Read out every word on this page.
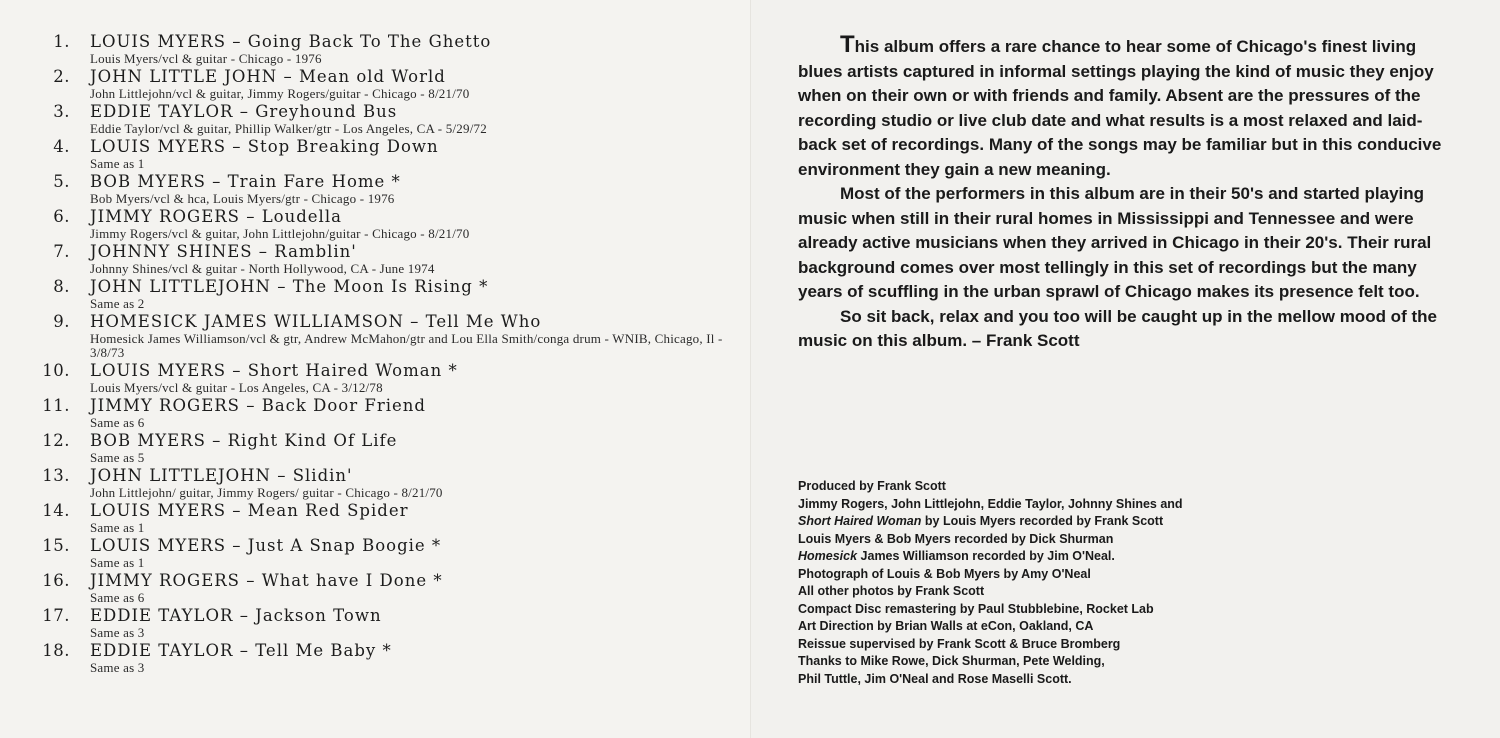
1. LOUIS MYERS – Going Back To The Ghetto
Louis Myers/vcl & guitar - Chicago - 1976
2. JOHN LITTLE JOHN – Mean old World
John Littlejohn/vcl & guitar, Jimmy Rogers/guitar - Chicago - 8/21/70
3. EDDIE TAYLOR – Greyhound Bus
Eddie Taylor/vcl & guitar, Phillip Walker/gtr - Los Angeles, CA - 5/29/72
4. LOUIS MYERS – Stop Breaking Down
Same as 1
5. BOB MYERS – Train Fare Home *
Bob Myers/vcl & hca, Louis Myers/gtr - Chicago - 1976
6. JIMMY ROGERS – Loudella
Jimmy Rogers/vcl & guitar, John Littlejohn/guitar - Chicago - 8/21/70
7. JOHNNY SHINES – Ramblin'
Johnny Shines/vcl & guitar - North Hollywood, CA - June 1974
8. JOHN LITTLEJOHN – The Moon Is Rising *
Same as 2
9. HOMESICK JAMES WILLIAMSON – Tell Me Who
Homesick James Williamson/vcl & gtr, Andrew McMahon/gtr and Lou Ella Smith/conga drum - WNIB, Chicago, Il - 3/8/73
10. LOUIS MYERS – Short Haired Woman *
Louis Myers/vcl & guitar - Los Angeles, CA - 3/12/78
11. JIMMY ROGERS – Back Door Friend
Same as 6
12. BOB MYERS – Right Kind Of Life
Same as 5
13. JOHN LITTLEJOHN – Slidin'
John Littlejohn/ guitar, Jimmy Rogers/ guitar - Chicago - 8/21/70
14. LOUIS MYERS – Mean Red Spider
Same as 1
15. LOUIS MYERS – Just A Snap Boogie *
Same as 1
16. JIMMY ROGERS – What have I Done *
Same as 6
17. EDDIE TAYLOR – Jackson Town
Same as 3
18. EDDIE TAYLOR – Tell Me Baby *
Same as 3

This album offers a rare chance to hear some of Chicago's finest living blues artists captured in informal settings playing the kind of music they enjoy when on their own or with friends and family. Absent are the pressures of the recording studio or live club date and what results is a most relaxed and laid-back set of recordings. Many of the songs may be familiar but in this conducive environment they gain a new meaning.

Most of the performers in this album are in their 50's and started playing music when still in their rural homes in Mississippi and Tennessee and were already active musicians when they arrived in Chicago in their 20's. Their rural background comes over most tellingly in this set of recordings but the many years of scuffling in the urban sprawl of Chicago makes its presence felt too.

So sit back, relax and you too will be caught up in the mellow mood of the music on this album. – Frank Scott

Produced by Frank Scott
Jimmy Rogers, John Littlejohn, Eddie Taylor, Johnny Shines and
Short Haired Woman by Louis Myers recorded by Frank Scott
Louis Myers & Bob Myers recorded by Dick Shurman
Homesick James Williamson recorded by Jim O'Neal.
Photograph of Louis & Bob Myers by Amy O'Neal
All other photos by Frank Scott
Compact Disc remastering by Paul Stubblebine, Rocket Lab
Art Direction by Brian Walls at eCon, Oakland, CA
Reissue supervised by Frank Scott & Bruce Bromberg
Thanks to Mike Rowe, Dick Shurman, Pete Welding,
Phil Tuttle, Jim O'Neal and Rose Maselli Scott.
